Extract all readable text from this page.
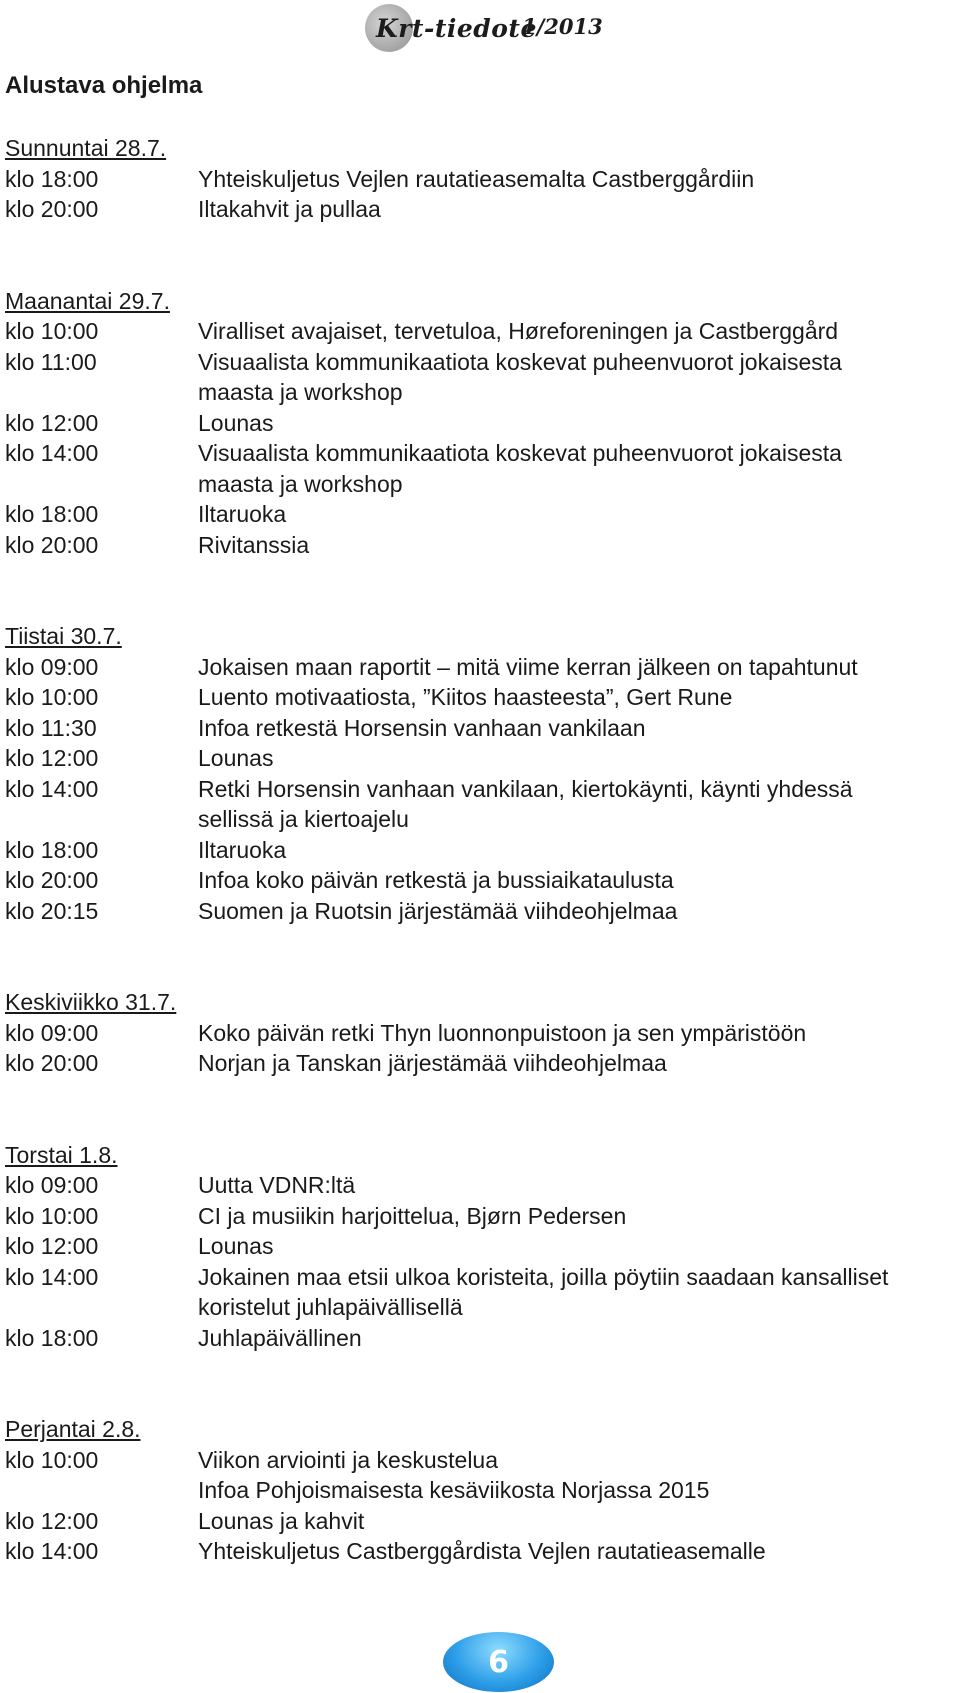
Krt-tiedote
1/2013
Alustava ohjelma
Sunnuntai 28.7.
klo 18:00	Yhteiskuljetus Vejlen rautatieasemalta Castberggårdiin
klo 20:00	Iltakahvit ja pullaa
Maanantai 29.7.
klo 10:00	Viralliset avajaiset, tervetuloa, Høreforeningen ja Castberggård
klo 11:00	Visuaalista kommunikaatiota koskevat puheenvuorot jokaisesta
maasta ja workshop
klo 12:00	Lounas
klo 14:00	Visuaalista kommunikaatiota koskevat puheenvuorot jokaisesta
maasta ja workshop
klo 18:00	Iltaruoka
klo 20:00	Rivitanssia
Tiistai 30.7.
klo 09:00	Jokaisen maan raportit – mitä viime kerran jälkeen on tapahtunut
klo 10:00	Luento motivaatiosta, ”Kiitos haasteesta”, Gert Rune
klo 11:30	Infoa retkestä Horsensin vanhaan vankilaan
klo 12:00	Lounas
klo 14:00	Retki Horsensin vanhaan vankilaan, kiertokäynti, käynti yhdessä
sellissä ja kiertoajelu
klo 18:00	Iltaruoka
klo 20:00	Infoa koko päivän retkestä ja bussiaikataulusta
klo 20:15	Suomen ja Ruotsin järjestämää viihdeohjelmaa
Keskiviikko 31.7.
klo 09:00	Koko päivän retki Thyn luonnonpuistoon ja sen ympäristöön
klo 20:00	Norjan ja Tanskan järjestämää viihdeohjelmaa
Torstai 1.8.
klo 09:00	Uutta VDNR:ltä
klo 10:00	CI ja musiikin harjoittelua, Bjørn Pedersen
klo 12:00	Lounas
klo 14:00	Jokainen maa etsii ulkoa koristeita, joilla pöytiin saadaan kansalliset
koristelut juhlapäivällisellä
klo 18:00	Juhlapäivällinen
Perjantai 2.8.
klo 10:00	Viikon arviointi ja keskustelua
Infoa Pohjoismaisesta kesäviikosta Norjassa 2015
klo 12:00	Lounas ja kahvit
klo 14:00	Yhteiskuljetus Castberggårdista Vejlen rautatieasemalle
6
